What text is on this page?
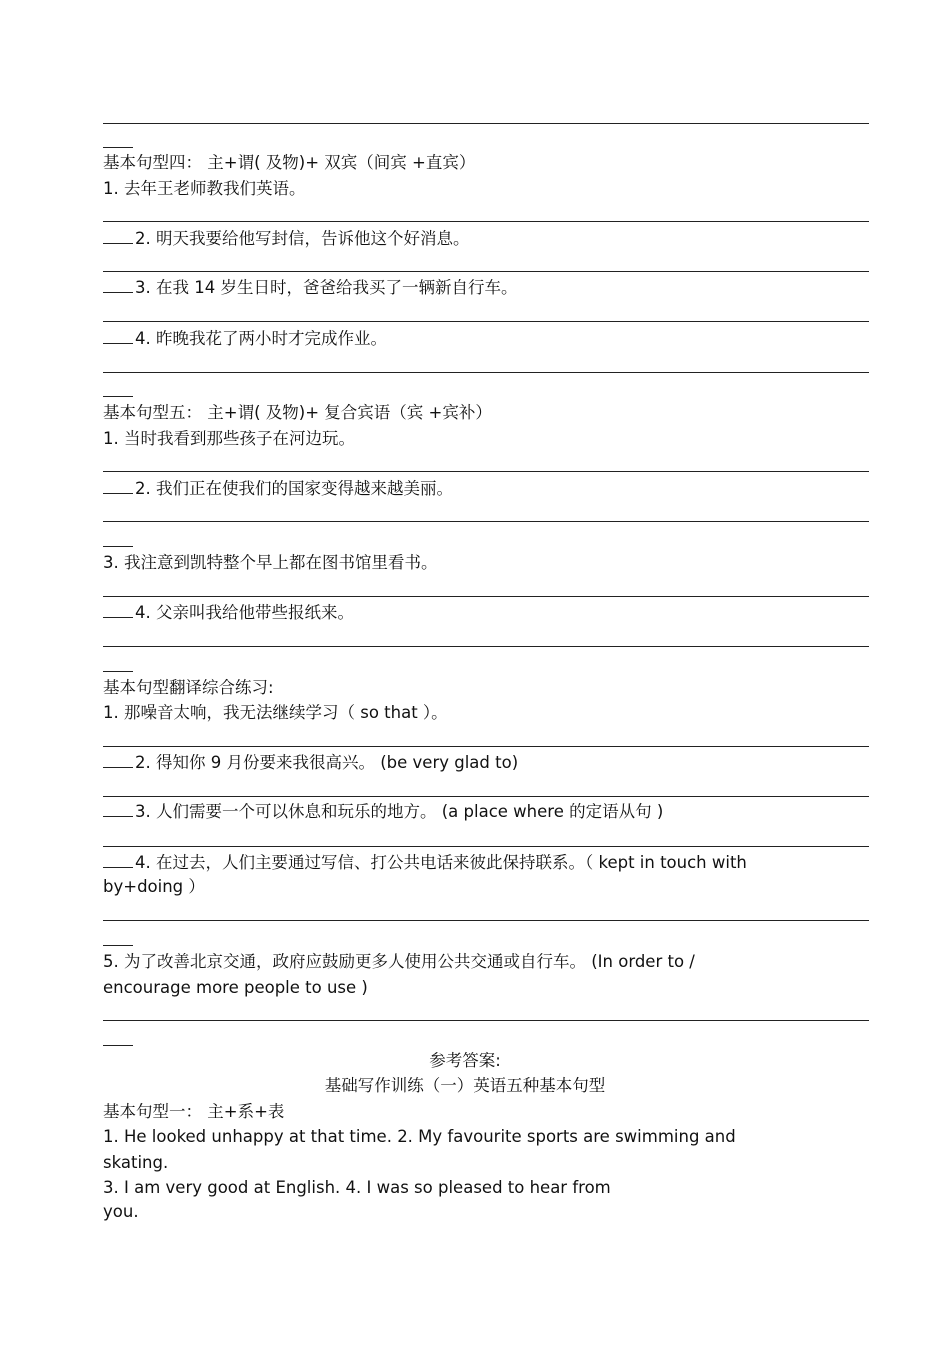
基本句型四： 主+谓( 及物)+ 双宾（间宾 +直宾）
1. 去年王老师教我们英语。
2. 明天我要给他写封信，告诉他这个好消息。
3. 在我 14 岁生日时，爸爸给我买了一辆新自行车。
4. 昨晚我花了两小时才完成作业。
基本句型五： 主+谓( 及物)+ 复合宾语（宾 +宾补）
1. 当时我看到那些孩子在河边玩。
2. 我们正在使我们的国家变得越来越美丽。
3. 我注意到凯特整个早上都在图书馆里看书。
4. 父亲叫我给他带些报纸来。
基本句型翻译综合练习:
1. 那噪音太响，我无法继续学习（ so that ）。
2. 得知你 9 月份要来我很高兴。 (be very glad to)
3. 人们需要一个可以休息和玩乐的地方。 (a place where 的定语从句 )
4. 在过去，人们主要通过写信、打公共电话来彼此保持联系。（ kept in touch with
by+doing ）
5. 为了改善北京交通，政府应鼓励更多人使用公共交通或自行车。 (In order to /
encourage more people to use )
参考答案:
基础写作训练（一）英语五种基本句型
基本句型一： 主+系+表
1. He looked unhappy at that time. 2. My favourite sports are swimming and
skating.
3. I am very good at English. 4. I was so pleased to hear from
you.
